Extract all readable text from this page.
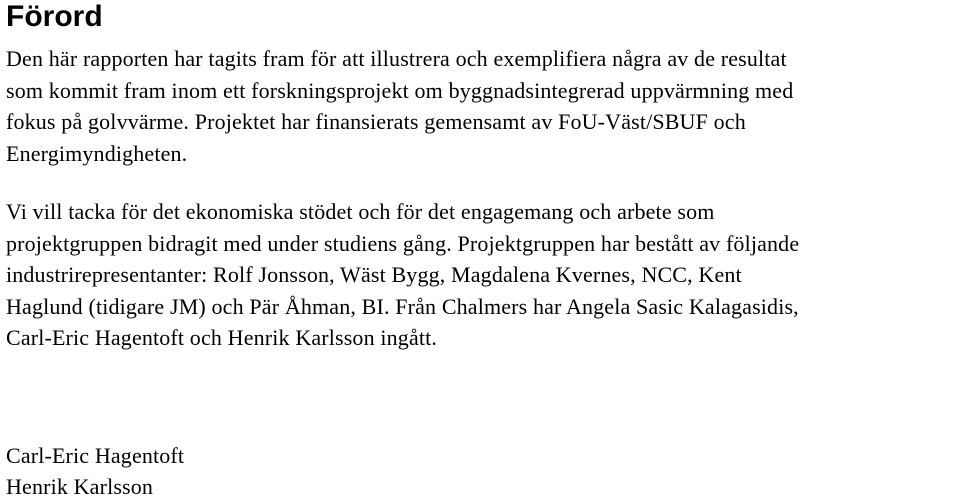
Förord

Den här rapporten har tagits fram för att illustrera och exemplifiera några av de resultat
som kommit fram inom ett forskningsprojekt om byggnadsintegrerad uppvärmning med
fokus på golvvärme. Projektet har finansierats gemensamt av FoU-Väst/SBUF och
Energimyndigheten.

Vi vill tacka för det ekonomiska stödet och för det engagemang och arbete som
projektgruppen bidragit med under studiens gång. Projektgruppen har bestått av följande
industrirepresentanter: Rolf Jonsson, Wäst Bygg, Magdalena Kvernes, NCC, Kent
Haglund (tidigare JM) och Pär Åhman, BI. Från Chalmers har Angela Sasic Kalagasidis,
Carl-Eric Hagentoft och Henrik Karlsson ingått.

Carl-Eric Hagentoft
Henrik Karlsson
